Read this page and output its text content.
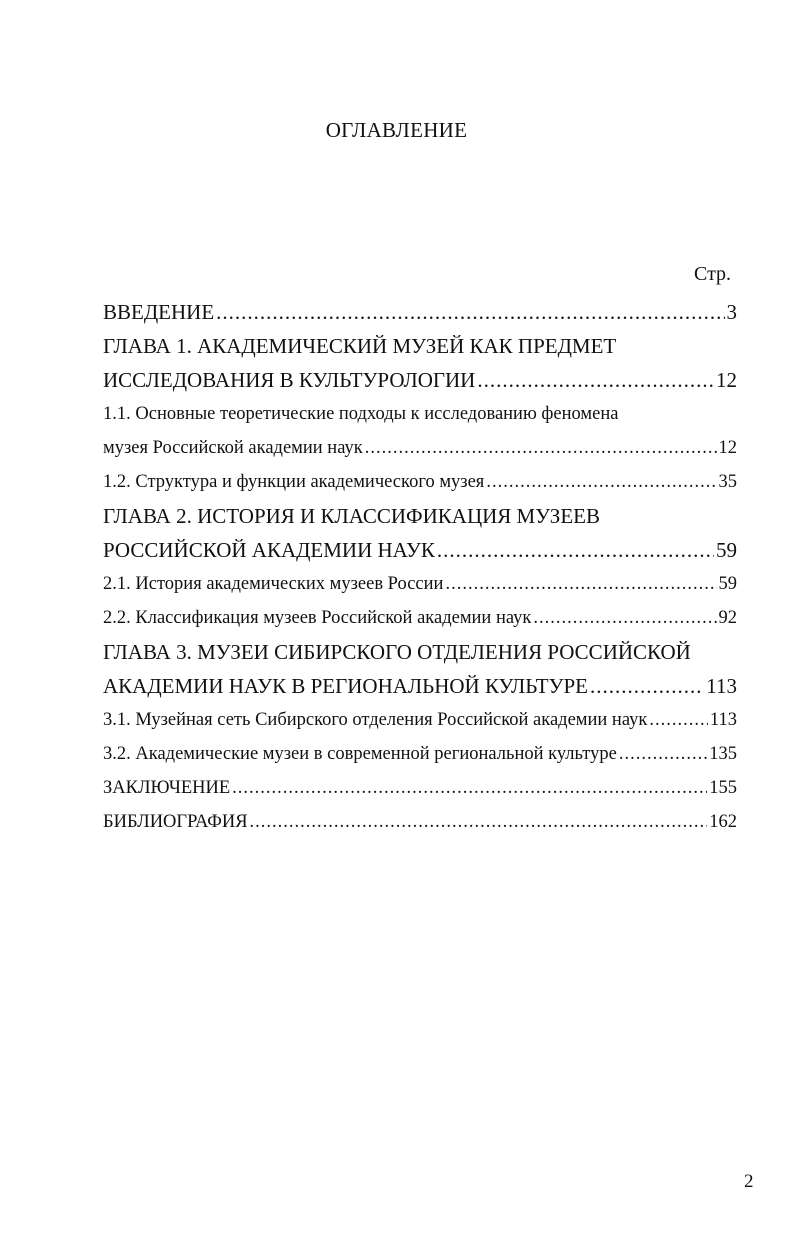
ОГЛАВЛЕНИЕ
Стр.
ВВЕДЕНИЕ .....	3
ГЛАВА 1. АКАДЕМИЧЕСКИЙ МУЗЕЙ КАК ПРЕДМЕТ
ИССЛЕДОВАНИЯ В КУЛЬТУРОЛОГИИ .....	12
1.1. Основные теоретические подходы к исследованию феномена
музея Российской академии наук .....	12
1.2. Структура и функции академического музея .....	35
ГЛАВА 2. ИСТОРИЯ И КЛАССИФИКАЦИЯ МУЗЕЕВ
РОССИЙСКОЙ АКАДЕМИИ НАУК .....	59
2.1. История академических музеев России .....	59
2.2. Классификация музеев Российской академии наук .....	92
ГЛАВА 3. МУЗЕИ СИБИРСКОГО ОТДЕЛЕНИЯ РОССИЙСКОЙ
АКАДЕМИИ НАУК В РЕГИОНАЛЬНОЙ КУЛЬТУРЕ .....	113
3.1. Музейная сеть Сибирского отделения Российской академии наук .....	113
3.2. Академические музеи в современной региональной культуре .....	135
ЗАКЛЮЧЕНИЕ .....	155
БИБЛИОГРАФИЯ .....	162
2
